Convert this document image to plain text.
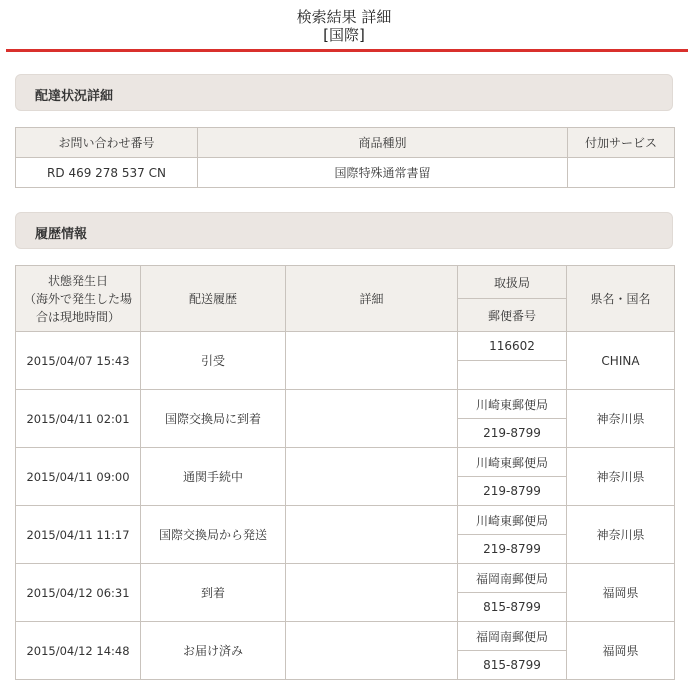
検索結果 詳細
[国際]
配達状況詳細
お問い合わせ番号	商品種別	付加サービス
RD 469 278 537 CN	国際特殊通常書留	
履歴情報
状態発生日
（海外で発生した場
合は現地時間）	配送履歴	詳細	取扱局	県名・国名
			郵便番号	
2015/04/07 15:43	引受		116602	CHINA

2015/04/11 02:01	国際交換局に到着		川崎東郵便局	神奈川県
			219-8799	
2015/04/11 09:00	通関手続中		川崎東郵便局	神奈川県
			219-8799	
2015/04/11 11:17	国際交換局から発送		川崎東郵便局	神奈川県
			219-8799	
2015/04/12 06:31	到着		福岡南郵便局	福岡県
			815-8799	
2015/04/12 14:48	お届け済み		福岡南郵便局	福岡県
			815-8799	
